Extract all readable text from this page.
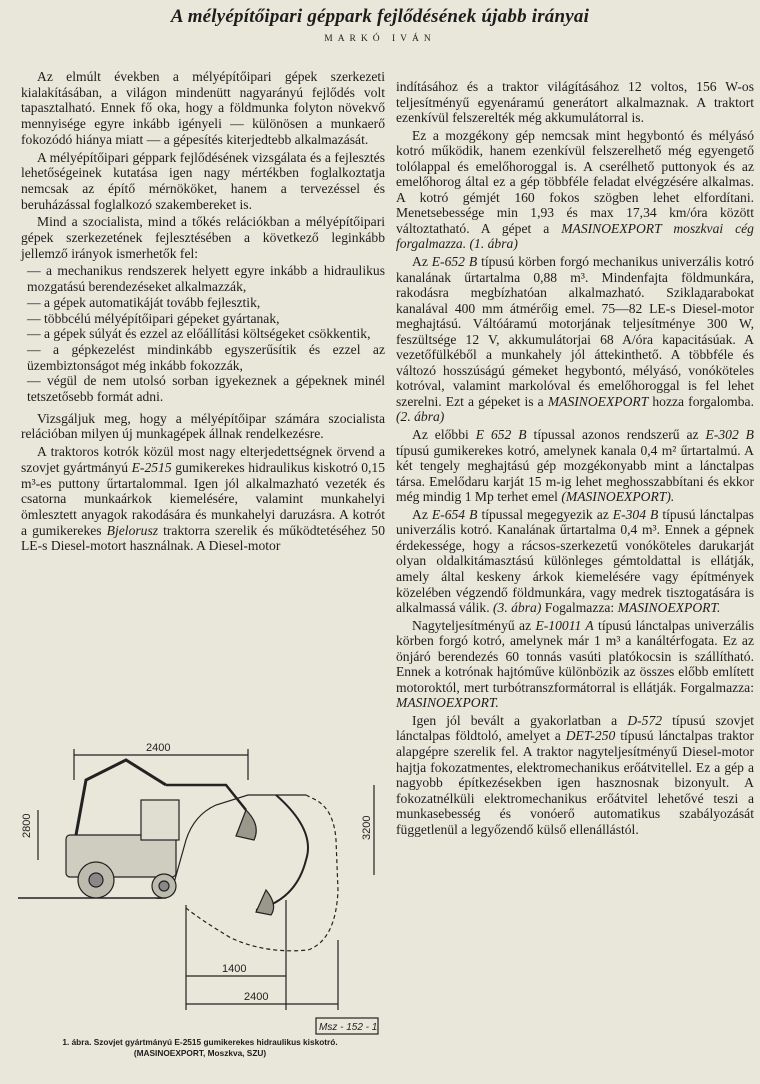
A mélyépítőipari géppark fejlődésének újabb irányai
MARKÓ IVÁN

Az elmúlt években a mélyépítőipari gépek szerkezeti kialakításában, a világon mindenütt nagyarányú fejlődés volt tapasztalható. Ennek fő oka, hogy a földmunka folyton növekvő mennyisége egyre inkább igényeli — különösen a munkaerő fokozódó hiánya miatt — a gépesítés kiterjedtebb alkalmazását.

A mélyépítőipari géppark fejlődésének vizsgálata és a fejlesztés lehetőségeinek kutatása igen nagy mértékben foglalkoztatja nemcsak az építő mérnököket, hanem a tervezéssel és beruházással foglalkozó szakembereket is.

Mind a szocialista, mind a tőkés relációkban a mélyépítőipari gépek szerkezetének fejlesztésében a következő leginkább jellemző irányok ismerhetők fel:

— a mechanikus rendszerek helyett egyre inkább a hidraulikus mozgatású berendezéseket alkalmazzák,
— a gépek automatikáját tovább fejlesztik,
— többcélú mélyépítőipari gépeket gyártanak,
— a gépek súlyát és ezzel az előállítási költségeket csökkentik,
— a gépkezelést mindinkább egyszerűsítik és ezzel az üzembiztonságot még inkább fokozzák,
— végül de nem utolsó sorban igyekeznek a gépeknek minél tetszetősebb formát adni.

Vizsgáljuk meg, hogy a mélyépítőipar számára szocialista relációban milyen új munkagépek állnak rendelkezésre.

A traktoros kotrók közül most nagy elterjedettségnek örvend a szovjet gyártmányú E-2515 gumikerekes hidraulikus kiskotró 0,15 m³-es puttony űrtartalommal. Igen jól alkalmazható vezeték és csatorna munkaárkok kiemelésére, valamint munkahelyi ömlesztett anyagok rakodására és munkahelyi daruzásra. A kotrót a gumikerekes Bjelorusz traktorra szerelik és működtetéséhez 50 LE-s Diesel-motort használnak. A Diesel-motor

indításához és a traktor világításához 12 voltos, 156 W-os teljesítményű egyenáramú generátort alkalmaznak. A traktort ezenkívül felszerelték még akkumulátorral is.

Ez a mozgékony gép nemcsak mint hegybontó és mélyásó kotró működik, hanem ezenkívül felszerelhető még egyengető tolólappal és emelőhoroggal is. A cserélhető puttonyok és az emelőhorog által ez a gép többféle feladat elvégzésére alkalmas. A kotró gémjét 160 fokos szögben lehet elfordítani. Menetsebessége min 1,93 és max 17,34 km/óra között változtatható. A gépet a MASINOEXPORT moszkvai cég forgalmazza. (1. ábra)

Az E-652 B típusú körben forgó mechanikus univerzális kotró kanalának űrtartalma 0,88 m³. Mindenfajta földmunkára, rakodásra megbízhatóan alkalmazható. Sziklадarabokat kanalával 400 mm átmérőig emel. 75—82 LE-s Diesel-motor meghajtású. Váltóáramú motorjának teljesítménye 300 W, feszültsége 12 V, akkumulátorjai 68 A/óra kapacitásúak. A vezetőfülkéből a munkahely jól áttekinthető. A többféle és változó hosszúságú gémeket hegybontó, mélyásó, vonóköteles kotróval, valamint markolóval és emelőhoroggal is fel lehet szerelni. Ezt a gépeket is a MASINOEXPORT hozza forgalomba. (2. ábra)

Az előbbi E 652 B típussal azonos rendszerű az E-302 B típusú gumikerekes kotró, amelynek kanala 0,4 m² űrtartalmú. A két tengely meghajtású gép mozgékonyabb mint a lánctalpas társa. Emelődaru karját 15 m-ig lehet meghosszabbítani és ekkor még mindig 1 Mp terhet emel (MASINOEXPORT).

Az E-654 B típussal megegyezik az E-304 B típusú lánctalpas univerzális kotró. Kanalának űrtartalma 0,4 m³. Ennek a gépnek érdekessége, hogy a rácsos-szerkezetű vonóköteles darukarját olyan oldalkitámasztású különleges gémtoldattal is ellátják, amely által keskeny árkok kiemelésére vagy építmények közelében végzendő földmunkára, vagy medrek tisztogatására is alkalmassá válik. (3. ábra) Fogalmazza: MASINOEXPORT.

Nagyteljesítményű az E-10011 A típusú lánctalpas univerzális körben forgó kotró, amelynek már 1 m³ a kanáltérfogata. Ez az önjáró berendezés 60 tonnás vasúti platókocsin is szállítható. Ennek a kotrónak hajtóműve különbözik az összes előbb említett motoroktól, mert turbótranszformátorral is ellátják. Forgalmazza: MASINOEXPORT.

Igen jól bevált a gyakorlatban a D-572 típusú szovjet lánctalpas földtoló, amelyet a DET-250 típusú lánctalpas traktor alapgépre szerelik fel. A traktor nagyteljesítményű Diesel-motor hajtja fokozatmentes, elektromechanikus erőátvitellel. Ez a gép a nagyobb építkezésekben igen hasznosnak bizonyult. A fokozatnélküli elektromechanikus erőátvitel lehetővé teszi a munkasebesség és vonóerő automatikus szabályozását függetlenül a legyőzendő külső ellenállástól.

2400
2800	3200
1400
2400
Msz - 152 - 1
1. ábra. Szovjet gyártmányú E-2515 gumikerekes hidraulikus kiskotró.
(MASINOEXPORT, Moszkva, SZU)
